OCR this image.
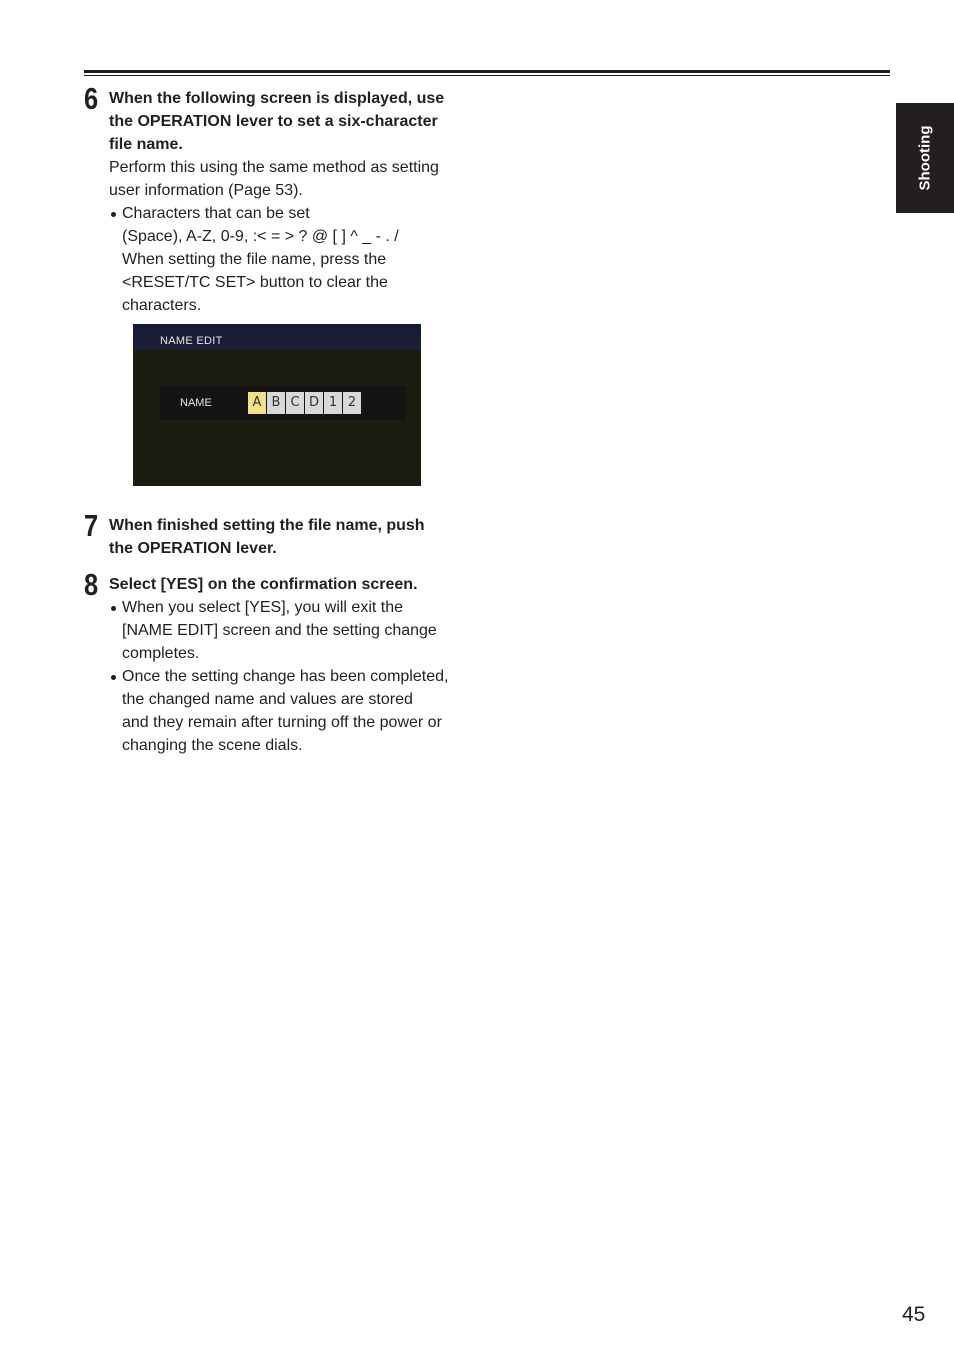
Shooting
6 When the following screen is displayed, use
the OPERATION lever to set a six-character
file name.

Perform this using the same method as setting
user information (Page 53).

Characters that can be set
(Space), A-Z, 0-9, :< = > ? @ [ ] ^ _ - . /
When setting the file name, press the
<RESET/TC SET> button to clear the
characters.

NAME EDIT
NAME	A B C D 1 2
7 When finished setting the file name, push
the OPERATION lever.

8 Select [YES] on the confirmation screen.

When you select [YES], you will exit the
[NAME EDIT] screen and the setting change
completes.

Once the setting change has been completed,
the changed name and values are stored
and they remain after turning off the power or
changing the scene dials.

45
